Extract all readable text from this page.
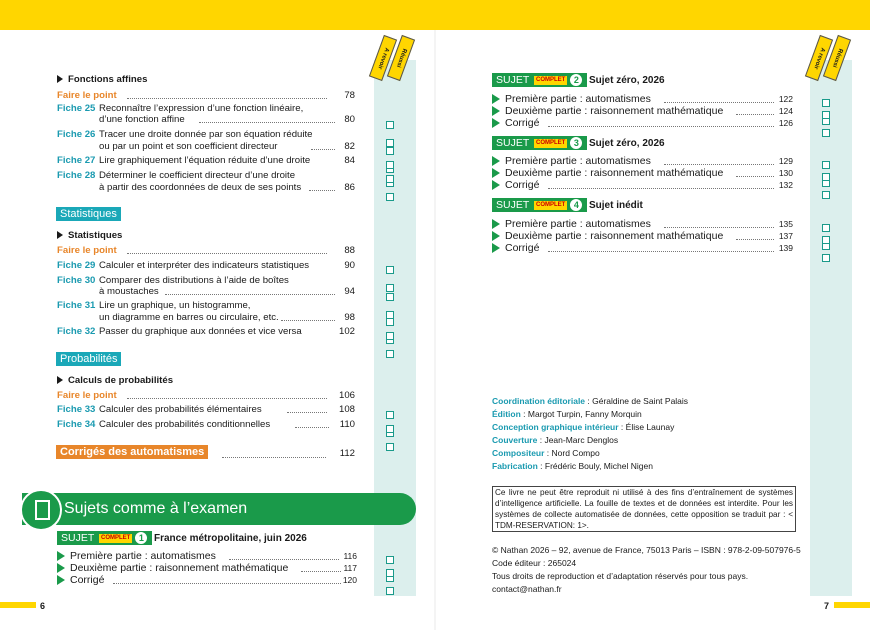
A revoir Réussi	A revoir Réussi
Fonctions affines
Faire le point	78
Fiche 25 Reconnaître l’expression d’une fonction linéaire,
d’une fonction affine	80
Fiche 26 Tracer une droite donnée par son équation réduite
ou par un point et son coefficient directeur	82
Fiche 27 Lire graphiquement l’équation réduite d’une droite	84
Fiche 28 Déterminer le coefficient directeur d’une droite
à partir des coordonnées de deux de ses points	86
Statistiques
Statistiques
Faire le point	88
Fiche 29 Calculer et interpréter des indicateurs statistiques	90
Fiche 30 Comparer des distributions à l’aide de boîtes
à moustaches	94
Fiche 31 Lire un graphique, un histogramme,
un diagramme en barres ou circulaire, etc.	98
Fiche 32 Passer du graphique aux données et vice versa	102
Probabilités
Calculs de probabilités
Faire le point	106
Fiche 33 Calculer des probabilités élémentaires	108
Fiche 34 Calculer des probabilités conditionnelles	110
Corrigés des automatismes	112
Sujets comme à l’examen
SUJET COMPLET 1	France métropolitaine, juin 2026
Première partie : automatismes	116
Deuxième partie : raisonnement mathématique	117
Corrigé	120
SUJET COMPLET 2	Sujet zéro, 2026
Première partie : automatismes	122
Deuxième partie : raisonnement mathématique	124
Corrigé	126
SUJET COMPLET 3	Sujet zéro, 2026
Première partie : automatismes	129
Deuxième partie : raisonnement mathématique	130
Corrigé	132
SUJET COMPLET 4	Sujet inédit
Première partie : automatismes	135
Deuxième partie : raisonnement mathématique	137
Corrigé	139
Coordination éditoriale : Géraldine de Saint Palais
Édition : Margot Turpin, Fanny Morquin
Conception graphique intérieur : Élise Launay
Couverture : Jean-Marc Denglos
Compositeur : Nord Compo
Fabrication : Frédéric Bouly, Michel Nigen
Ce livre ne peut être reproduit ni utilisé à des fins d’entraînement de systèmes d’intelligence artificielle. La fouille de textes et de données est interdite. Pour les systèmes de collecte automatisée de données, cette opposition se traduit par : < TDM-RESERVATION: 1>.
© Nathan 2026 – 92, avenue de France, 75013 Paris – ISBN : 978-2-09-507976-5
Code éditeur : 265024
Tous droits de reproduction et d’adaptation réservés pour tous pays.
contact@nathan.fr
6	7
